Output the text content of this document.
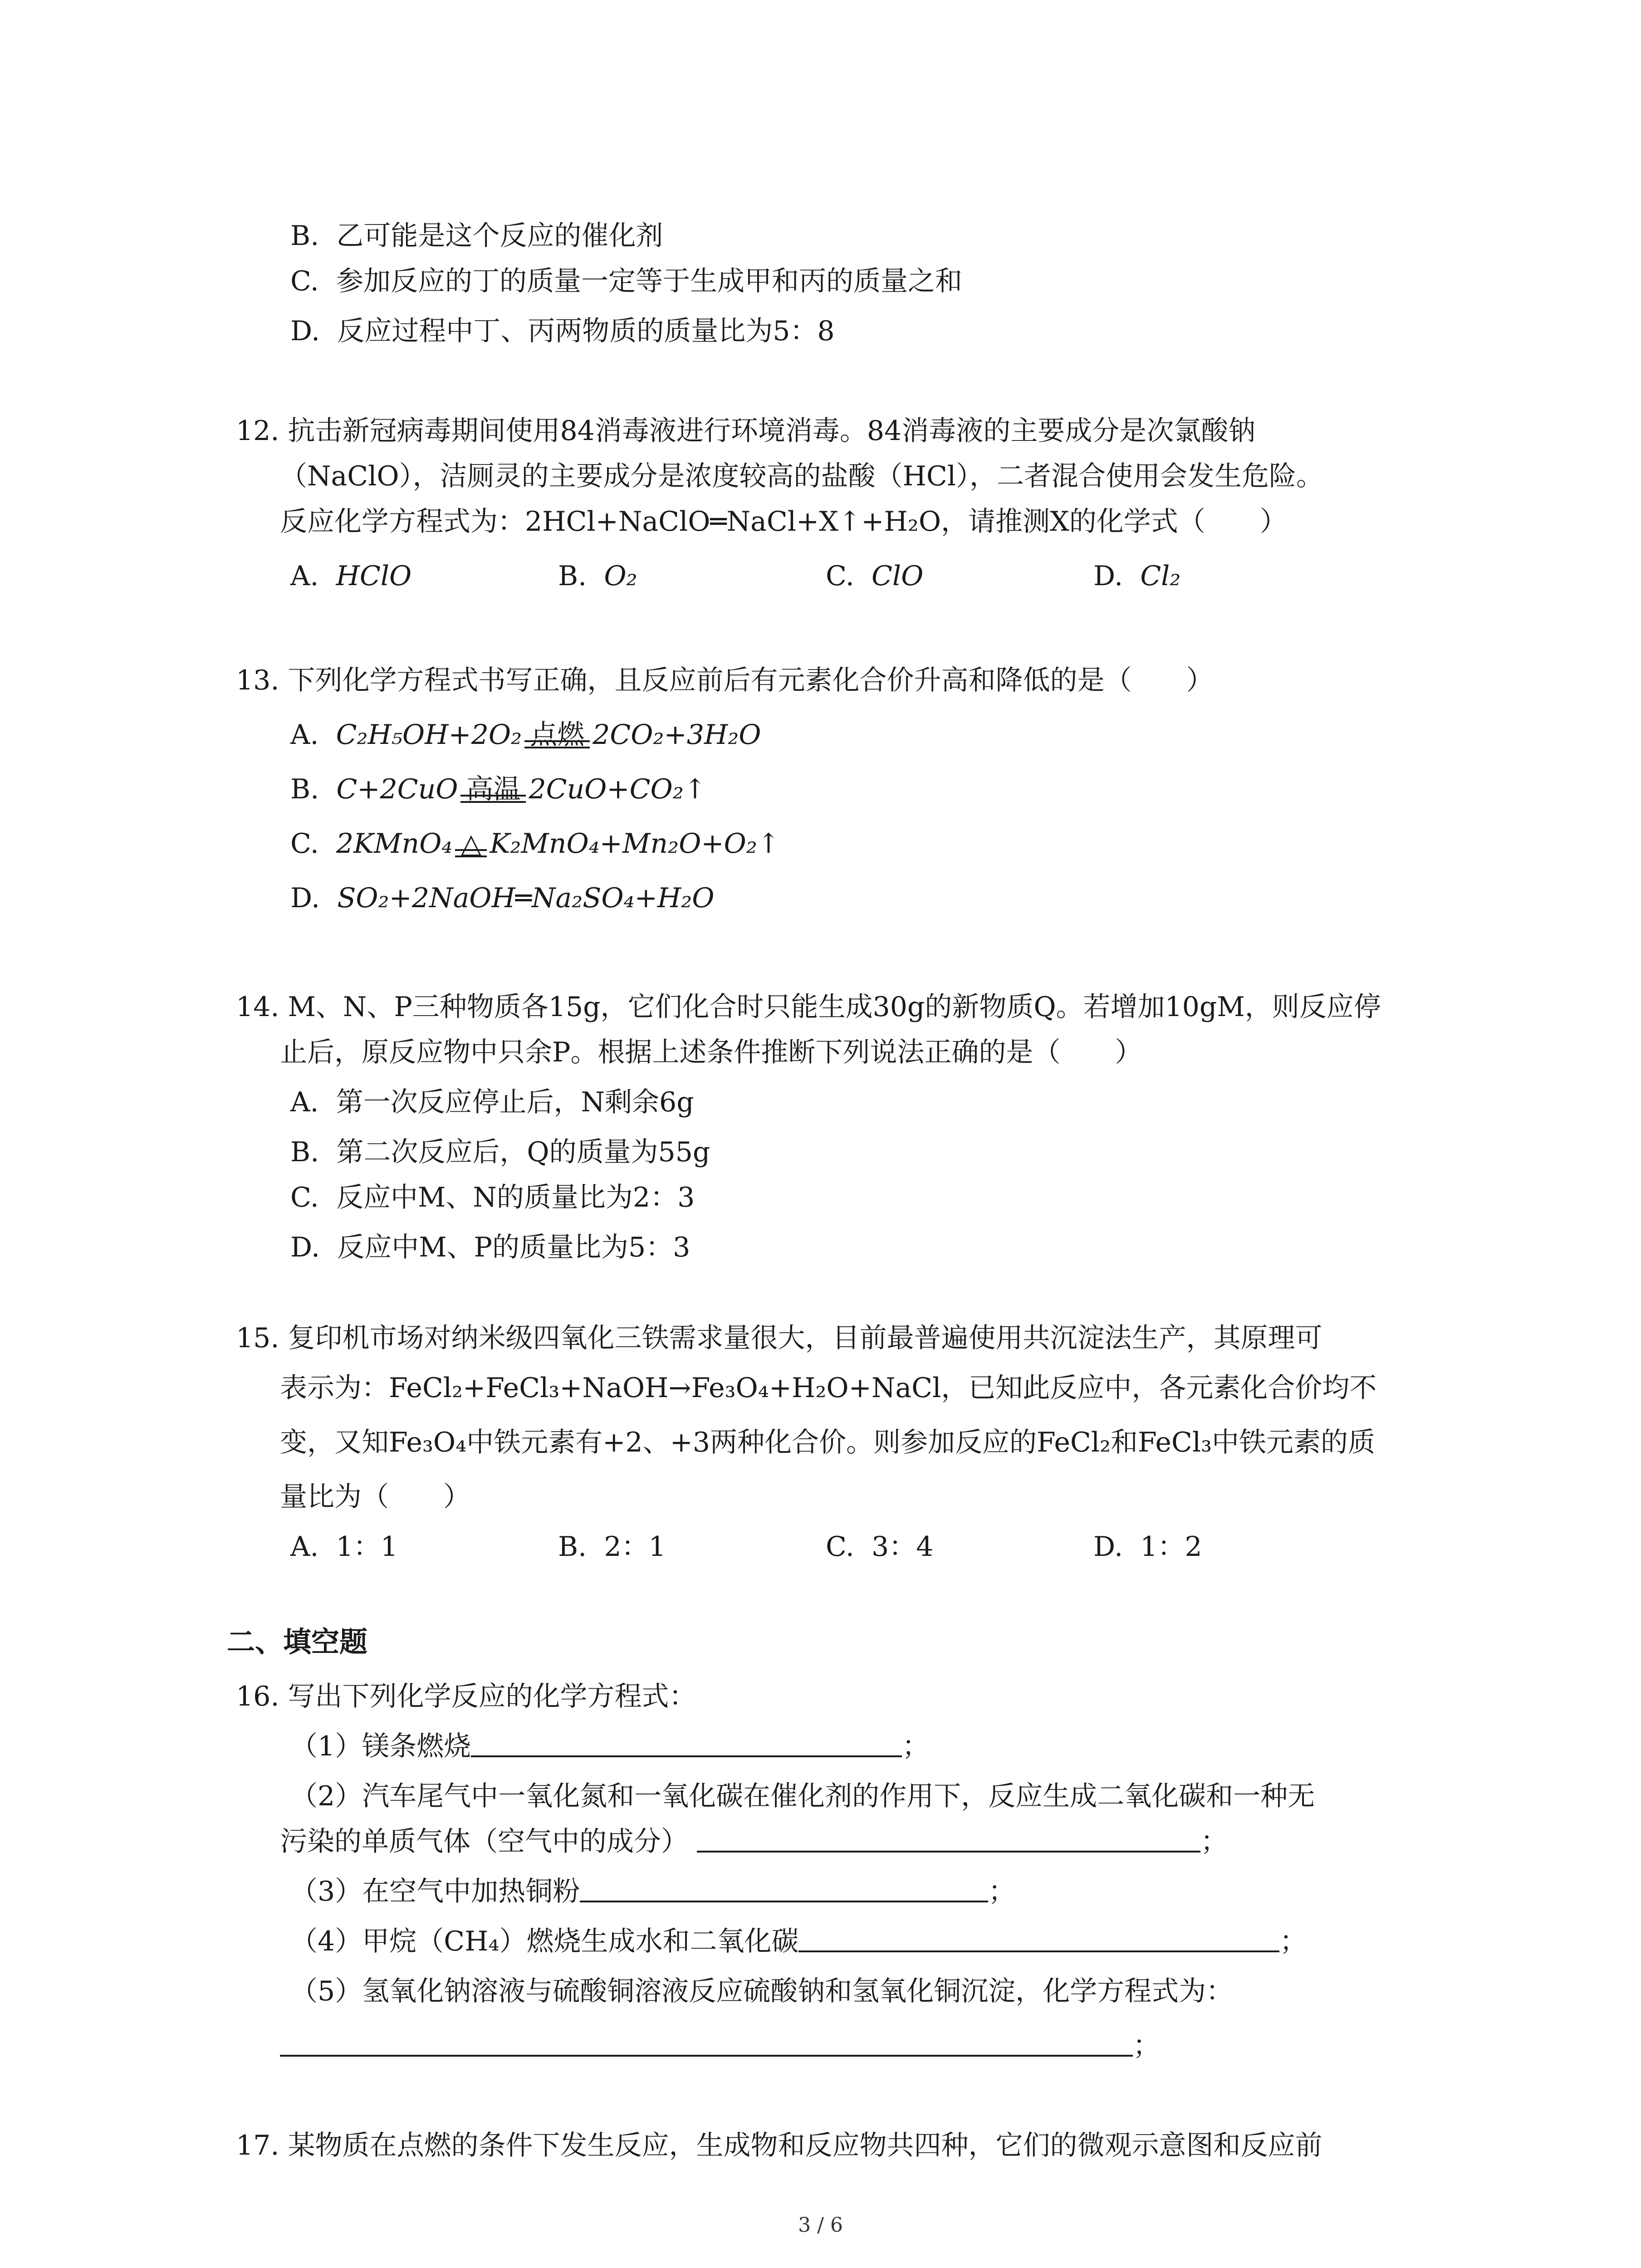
B. 乙可能是这个反应的催化剂
C. 参加反应的丁的质量一定等于生成甲和丙的质量之和
D. 反应过程中丁、丙两物质的质量比为5：8
12. 抗击新冠病毒期间使用84消毒液进行环境消毒。84消毒液的主要成分是次氯酸钠
（NaClO），洁厕灵的主要成分是浓度较高的盐酸（HCl），二者混合使用会发生危险。
反应化学方程式为：2HCl+NaClO═NaCl+X↑+H₂O，请推测X的化学式（　　）
A. HClO	B. O₂	C. ClO	D. Cl₂
13. 下列化学方程式书写正确，且反应前后有元素化合价升高和降低的是（　　）
A. C₂H₅OH+2O₂ 点燃 2CO₂+3H₂O
B. C+2CuO 高温 2CuO+CO₂↑
C. 2KMnO₄ △ K₂MnO₄+Mn₂O+O₂↑
D. SO₂+2NaOH═Na₂SO₄+H₂O
14. M、N、P三种物质各15g，它们化合时只能生成30g的新物质Q。若增加10gM，则反应停
止后，原反应物中只余P。根据上述条件推断下列说法正确的是（　　）
A. 第一次反应停止后，N剩余6g
B. 第二次反应后，Q的质量为55g
C. 反应中M、N的质量比为2：3
D. 反应中M、P的质量比为5：3
15. 复印机市场对纳米级四氧化三铁需求量很大，目前最普遍使用共沉淀法生产，其原理可
表示为：FeCl₂+FeCl₃+NaOH→Fe₃O₄+H₂O+NaCl，已知此反应中，各元素化合价均不
变，又知Fe₃O₄中铁元素有+2、+3两种化合价。则参加反应的FeCl₂和FeCl₃中铁元素的质
量比为（　　）
A. 1：1	B. 2：1	C. 3：4	D. 1：2
二、填空题
16. 写出下列化学反应的化学方程式：
（1）镁条燃烧	；
（2）汽车尾气中一氧化氮和一氧化碳在催化剂的作用下，反应生成二氧化碳和一种无
污染的单质气体（空气中的成分）	；
（3）在空气中加热铜粉	；
（4）甲烷（CH₄）燃烧生成水和二氧化碳	；
（5）氢氧化钠溶液与硫酸铜溶液反应硫酸钠和氢氧化铜沉淀，化学方程式为：
；
17. 某物质在点燃的条件下发生反应，生成物和反应物共四种，它们的微观示意图和反应前
3 / 6
